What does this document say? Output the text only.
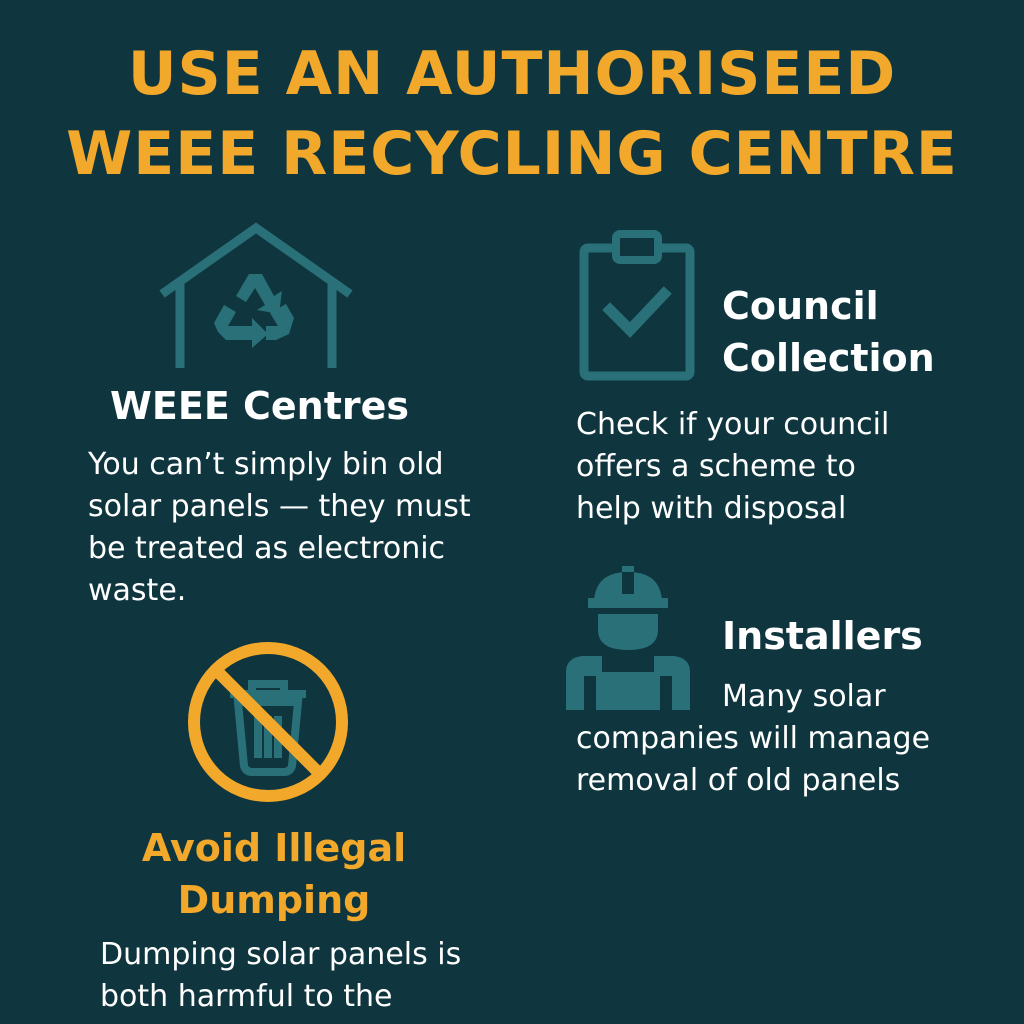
USE AN AUTHORISEED
WEEE RECYCLING CENTRE
WEEE Centres

You can’t simply bin old
solar panels — they must
be treated as electronic
waste.

Council
Collection

Check if your council
offers a scheme to
help with disposal

Installers

Many solar
companies will manage
removal of old panels

Avoid Illegal
Dumping

Dumping solar panels is
both harmful to the
